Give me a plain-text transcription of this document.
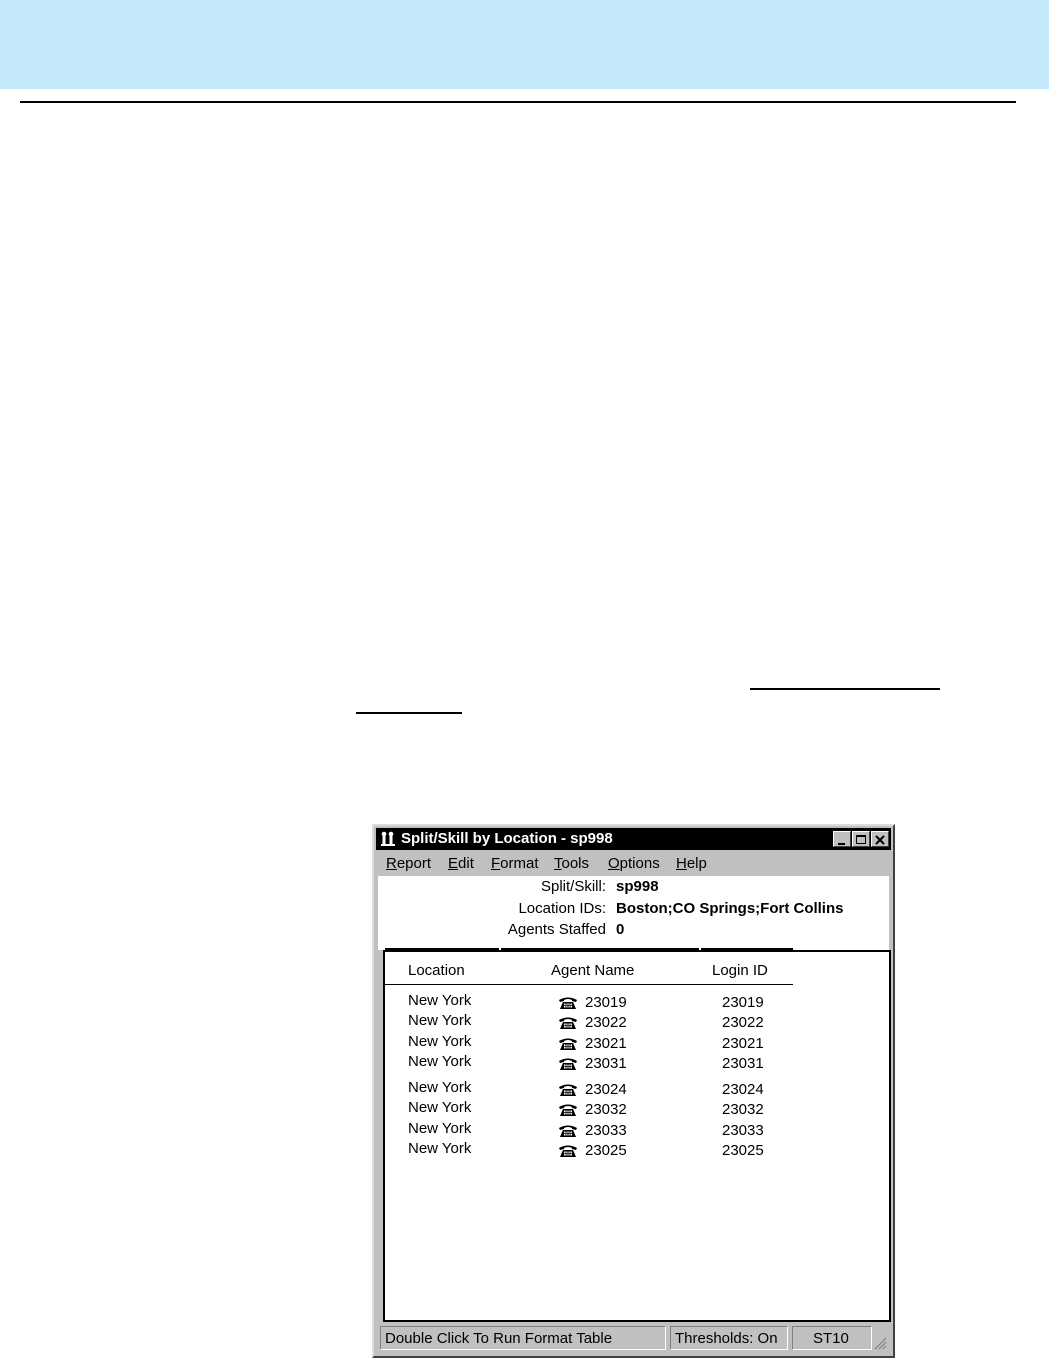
Split/Skill by Location - sp998
Report Edit Format Tools Options Help
Split/Skill: sp998
Location IDs: Boston;CO Springs;Fort Collins
Agents Staffed 0
Location	Agent Name	Login ID
New York	23019	23019
New York	23022	23022
New York	23021	23021
New York	23031	23031
New York	23024	23024
New York	23032	23032
New York	23033	23033
New York	23025	23025
Double Click To Run Format Table	Thresholds: On	ST10
